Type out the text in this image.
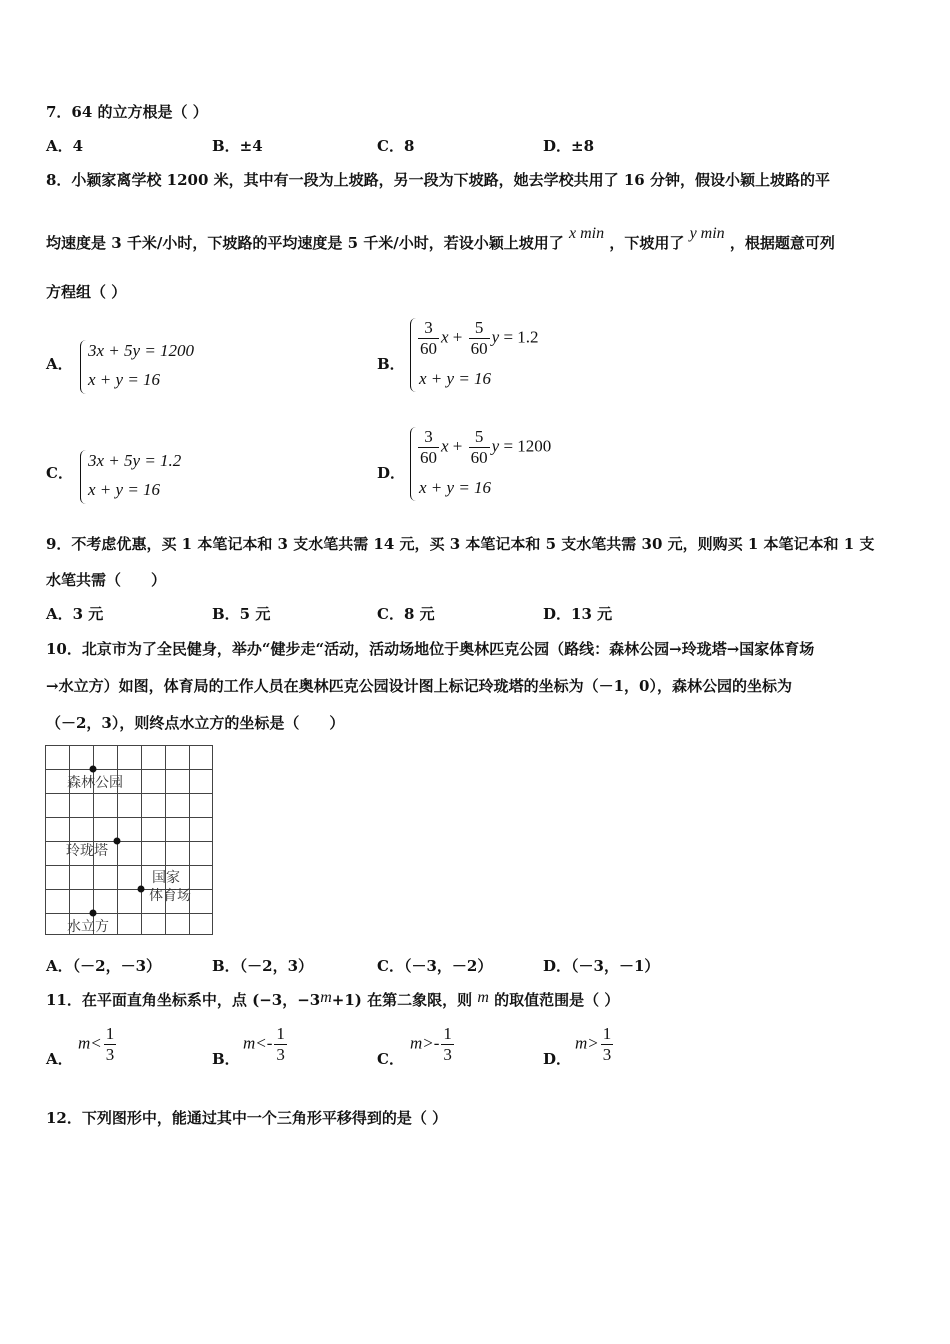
7．64 的立方根是（ ）
A．4	B．±4	C．8	D．±8
8．小颖家离学校 1200 米，其中有一段为上坡路，另一段为下坡路，她去学校共用了 16 分钟，假设小颖上坡路的平
均速度是 3 千米/小时，下坡路的平均速度是 5 千米/小时，若设小颖上坡用了 x min ，下坡用了 y min ，根据题意可列
方程组（ ）
A．
3x + 5y = 1200
x + y = 16
B．
$\frac{3}{60}$ $x + \frac{5}{60}$ y = 1.2
x + y = 16
C．
3x + 5y = 1.2
x + y = 16
D．
$\frac{3}{60}$ $x + \frac{5}{60}$ y = 1200
x + y = 16
9．不考虑优惠，买 1 本笔记本和 3 支水笔共需 14 元，买 3 本笔记本和 5 支水笔共需 30 元，则购买 1 本笔记本和 1 支
水笔共需（　　）
A．3 元	B．5 元	C．8 元	D．13 元
10．北京市为了全民健身，举办“健步走“活动，活动场地位于奥林匹克公园（路线：森林公园→玲珑塔→国家体育场
→水立方）如图，体育局的工作人员在奥林匹克公园设计图上标记玲珑塔的坐标为（－1，0），森林公园的坐标为
（－2，3），则终点水立方的坐标是（　　）
森林公园
玲珑塔
国家
体育场
水立方
A．（－2，－3）	B．（－2，3）	C．（－3，－2）	D．（－3，－1）
11．在平面直角坐标系中，点 (−3，−3m+1) 在第二象限，则 m 的取值范围是（ ）
A．
$m< \frac{1}{3}$	B．
$m<- \frac{1}{3}$	C．
$m>- \frac{1}{3}$	D．
$m> \frac{1}{3}$
12．下列图形中，能通过其中一个三角形平移得到的是（ ）
